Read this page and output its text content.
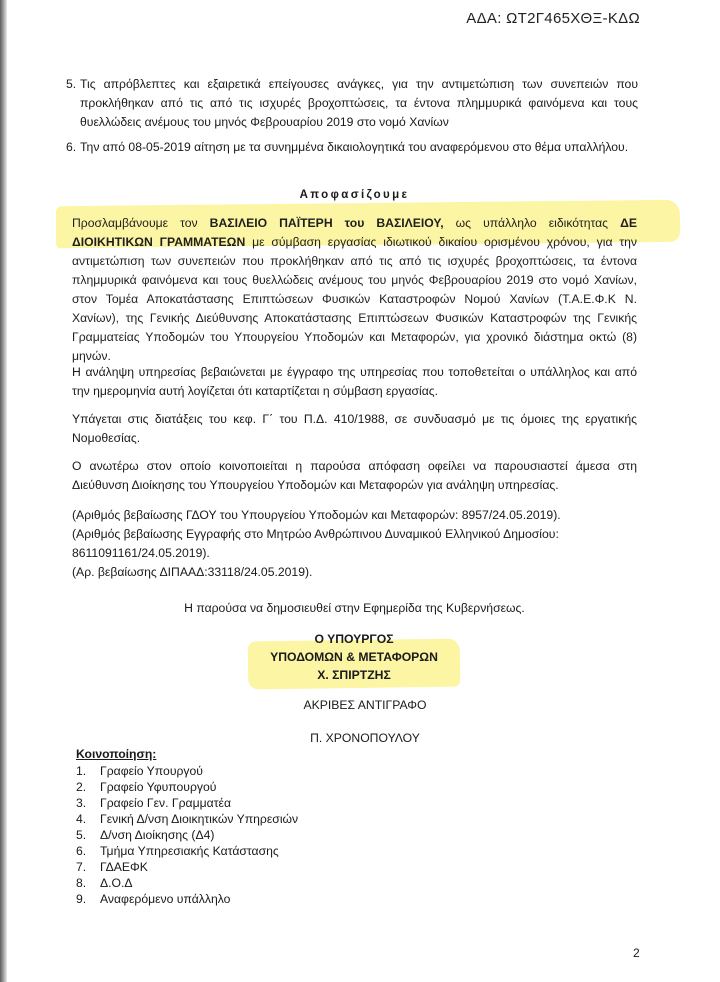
ΑΔΑ: ΩΤ2Γ465ΧΘΞ-ΚΔΩ
5. Τις απρόβλεπτες και εξαιρετικά επείγουσες ανάγκες, για την αντιμετώπιση των συνεπειών που προκλήθηκαν από τις από τις ισχυρές βροχοπτώσεις, τα έντονα πλημμυρικά φαινόμενα και τους θυελλώδεις ανέμους του μηνός Φεβρουαρίου 2019 στο νομό Χανίων
6. Την από 08-05-2019 αίτηση με τα συνημμένα δικαιολογητικά του αναφερόμενου στο θέμα υπαλλήλου.
Αποφασίζουμε
Προσλαμβάνουμε τον ΒΑΣΙΛΕΙΟ ΠΑΪΤΕΡΗ του ΒΑΣΙΛΕΙΟΥ, ως υπάλληλο ειδικότητας ΔΕ ΔΙΟΙΚΗΤΙΚΩΝ ΓΡΑΜΜΑΤΕΩΝ με σύμβαση εργασίας ιδιωτικού δικαίου ορισμένου χρόνου, για την αντιμετώπιση των συνεπειών που προκλήθηκαν από τις από τις ισχυρές βροχοπτώσεις, τα έντονα πλημμυρικά φαινόμενα και τους θυελλώδεις ανέμους του μηνός Φεβρουαρίου 2019 στο νομό Χανίων, στον Τομέα Αποκατάστασης Επιπτώσεων Φυσικών Καταστροφών Νομού Χανίων (Τ.Α.Ε.Φ.Κ Ν. Χανίων), της Γενικής Διεύθυνσης Αποκατάστασης Επιπτώσεων Φυσικών Καταστροφών της Γενικής Γραμματείας Υποδομών του Υπουργείου Υποδομών και Μεταφορών, για χρονικό διάστημα οκτώ (8) μηνών.
Η ανάληψη υπηρεσίας βεβαιώνεται με έγγραφο της υπηρεσίας που τοποθετείται ο υπάλληλος και από την ημερομηνία αυτή λογίζεται ότι καταρτίζεται η σύμβαση εργασίας.
Υπάγεται στις διατάξεις του κεφ. Γ΄ του Π.Δ. 410/1988, σε συνδυασμό με τις όμοιες της εργατικής Νομοθεσίας.
Ο ανωτέρω στον οποίο κοινοποιείται η παρούσα απόφαση οφείλει να παρουσιαστεί άμεσα στη Διεύθυνση Διοίκησης του Υπουργείου Υποδομών και Μεταφορών για ανάληψη υπηρεσίας.
(Αριθμός βεβαίωσης ΓΔΟΥ του Υπουργείου Υποδομών και Μεταφορών: 8957/24.05.2019).
(Αριθμός βεβαίωσης Εγγραφής στο Μητρώο Ανθρώπινου Δυναμικού Ελληνικού Δημοσίου:
8611091161/24.05.2019).
(Αρ. βεβαίωσης ΔΙΠΑΑΔ:33118/24.05.2019).
Η παρούσα να δημοσιευθεί στην Εφημερίδα της Κυβερνήσεως.
Ο ΥΠΟΥΡΓΟΣ
ΥΠΟΔΟΜΩΝ & ΜΕΤΑΦΟΡΩΝ
Χ. ΣΠΙΡΤΖΗΣ
ΑΚΡΙΒΕΣ ΑΝΤΙΓΡΑΦΟ
Π. ΧΡΟΝΟΠΟΥΛΟΥ
Κοινοποίηση:
1.	Γραφείο Υπουργού
2.	Γραφείο Υφυπουργού
3.	Γραφείο Γεν. Γραμματέα
4.	Γενική Δ/νση Διοικητικών Υπηρεσιών
5.	Δ/νση Διοίκησης (Δ4)
6.	Τμήμα Υπηρεσιακής Κατάστασης
7.	ΓΔΑΕΦΚ
8.	Δ.Ο.Δ
9.	Αναφερόμενο υπάλληλο
2
